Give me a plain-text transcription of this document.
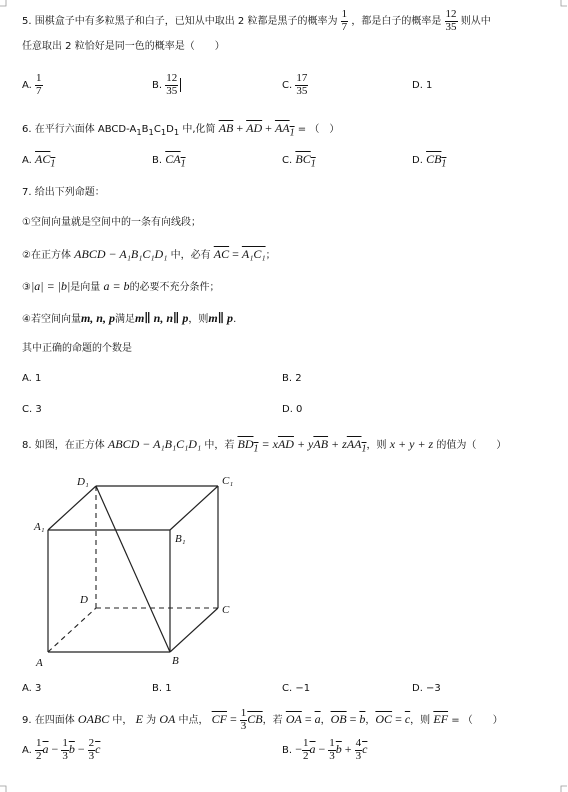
5. 围棋盒子中有多粒黑子和白子，已知从中取出 2 粒都是黑子的概率为 $\frac{1}{7}$ ，都是白子的概率是 $\frac{12}{35}$ 则从中
任意取出 2 粒恰好是同一色的概率是（　　）
A. $\frac{1}{7}$	B. $\frac{12}{35}$	C. $\frac{17}{35}$	D. 1
6. 在平行六面体 ABCD-$A_1B_1C_1D_1$ 中,化简 $\overline{AB} + \overline{AD} + AA_1$ = （　）
A. $AC_1$	B. $CA_1$	C. $BC_1$	D. $CB_1$
7. 给出下列命题：
①空间向量就是空间中的一条有向线段；
②在正方体 ABCD − A₁B₁C₁D₁ 中，必有 $\overline{AC} = A_1C_1$；
③|a| = |b|是向量 a = b的必要不充分条件；
④若空间向量m, n, p满足m∥ n, n∥ p，则m∥ p.
其中正确的命题的个数是
A. 1	B. 2
C. 3	D. 0
8. 如图，在正方体 ABCD − A₁B₁C₁D₁ 中，若 $BD_1 = x\overline{AD} + y\overline{AB} + zAA_1$，则 x + y + z 的值为（　　）
A	B
C
D
A₁
B₁
C₁
D₁
A. 3	B. 1	C. −1	D. −3
9. 在四面体 OABC 中， E 为 OA 中点， $\overline{CF} = \frac{1}{3} \overline{CB}$，若 $\overline{OA} = \overline{a}$，$\overline{OB} = \overline{b}$，$\overline{OC} = \overline{c}$，则 $\overline{EF}$ = （　　）
A. $\frac{1}{2} \overline{a} - \frac{1}{3} \overline{b} - \frac{2}{3} \overline{c}$	B. − $\frac{1}{2} \overline{a} - \frac{1}{3} \overline{b} + \frac{4}{3} \overline{c}$
